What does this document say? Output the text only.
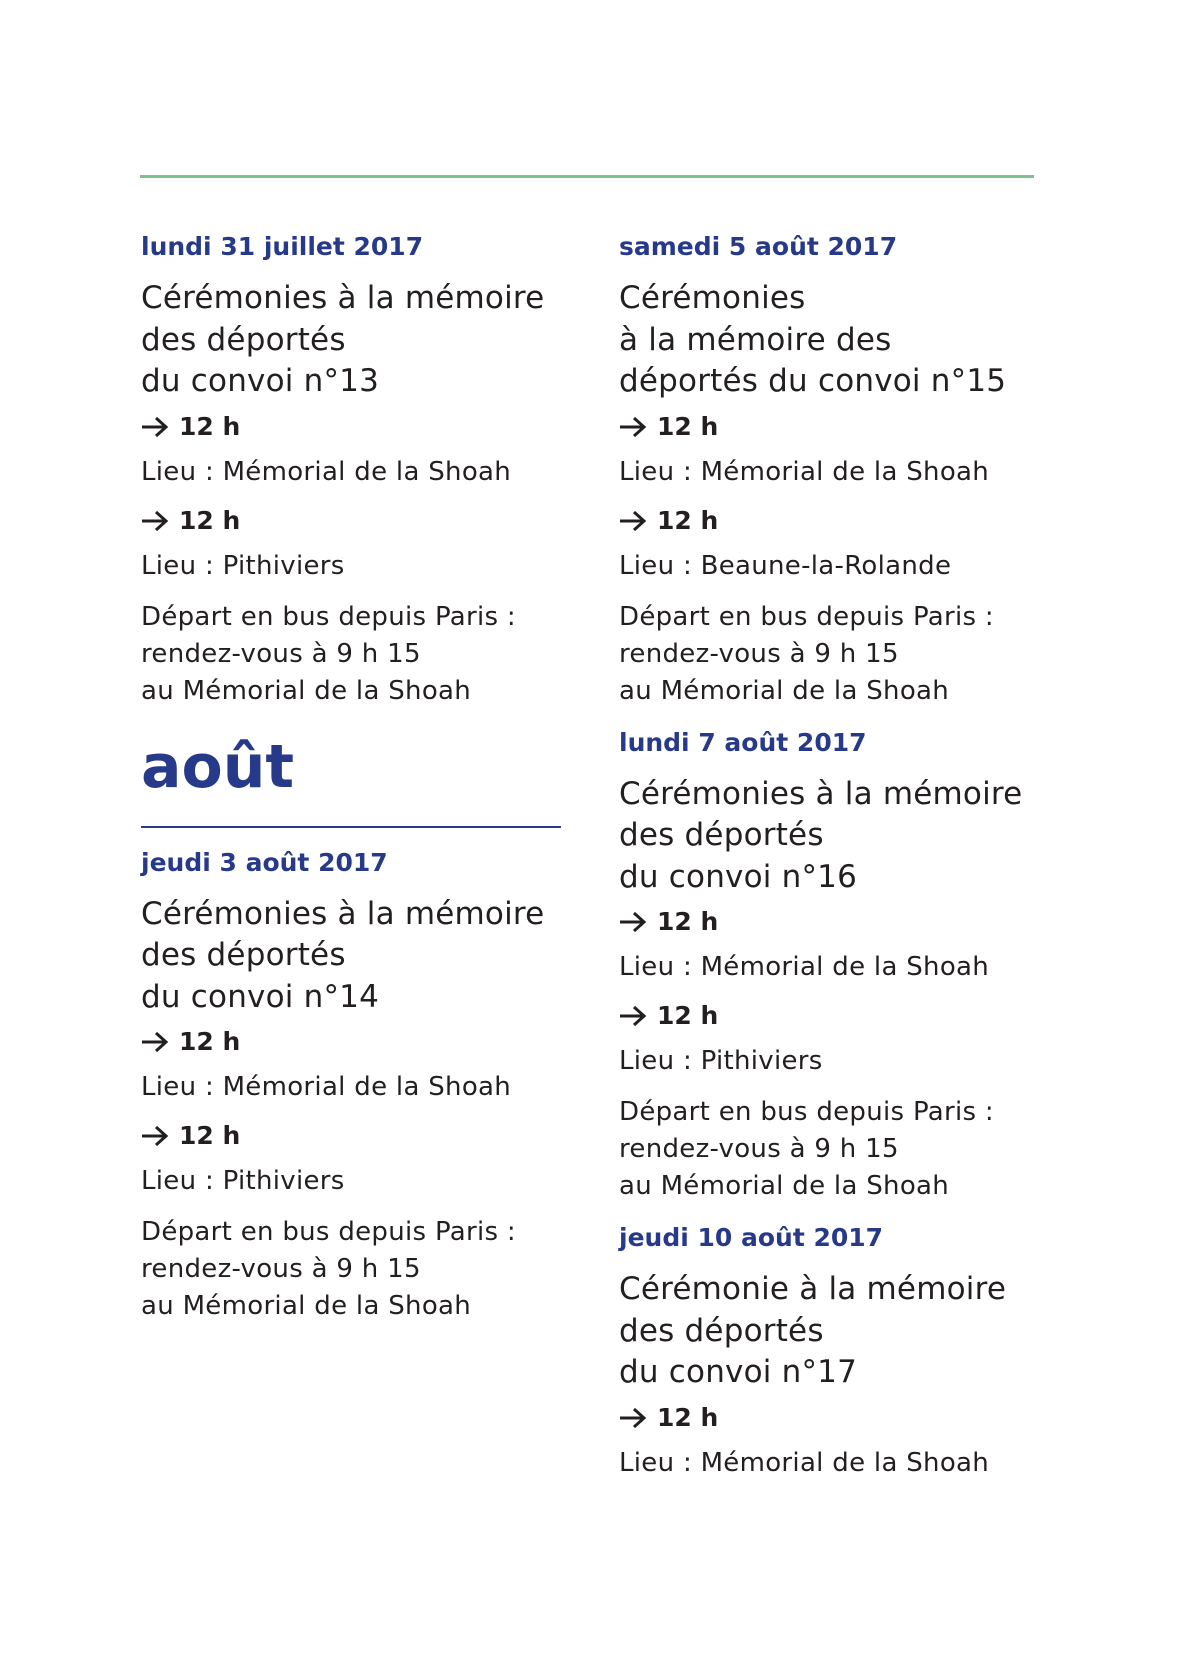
lundi 31 juillet 2017
Cérémonies à la mémoire
des déportés
du convoi n°13
12 h
Lieu : Mémorial de la Shoah
12 h
Lieu : Pithiviers
Départ en bus depuis Paris :
rendez-vous à 9 h 15
au Mémorial de la Shoah
août
jeudi 3 août 2017
Cérémonies à la mémoire
des déportés
du convoi n°14
12 h
Lieu : Mémorial de la Shoah
12 h
Lieu : Pithiviers
Départ en bus depuis Paris :
rendez-vous à 9 h 15
au Mémorial de la Shoah
samedi 5 août 2017
Cérémonies
à la mémoire des
déportés du convoi n°15
12 h
Lieu : Mémorial de la Shoah
12 h
Lieu : Beaune-la-Rolande
Départ en bus depuis Paris :
rendez-vous à 9 h 15
au Mémorial de la Shoah
lundi 7 août 2017
Cérémonies à la mémoire
des déportés
du convoi n°16
12 h
Lieu : Mémorial de la Shoah
12 h
Lieu : Pithiviers
Départ en bus depuis Paris :
rendez-vous à 9 h 15
au Mémorial de la Shoah
jeudi 10 août 2017
Cérémonie à la mémoire
des déportés
du convoi n°17
12 h
Lieu : Mémorial de la Shoah
